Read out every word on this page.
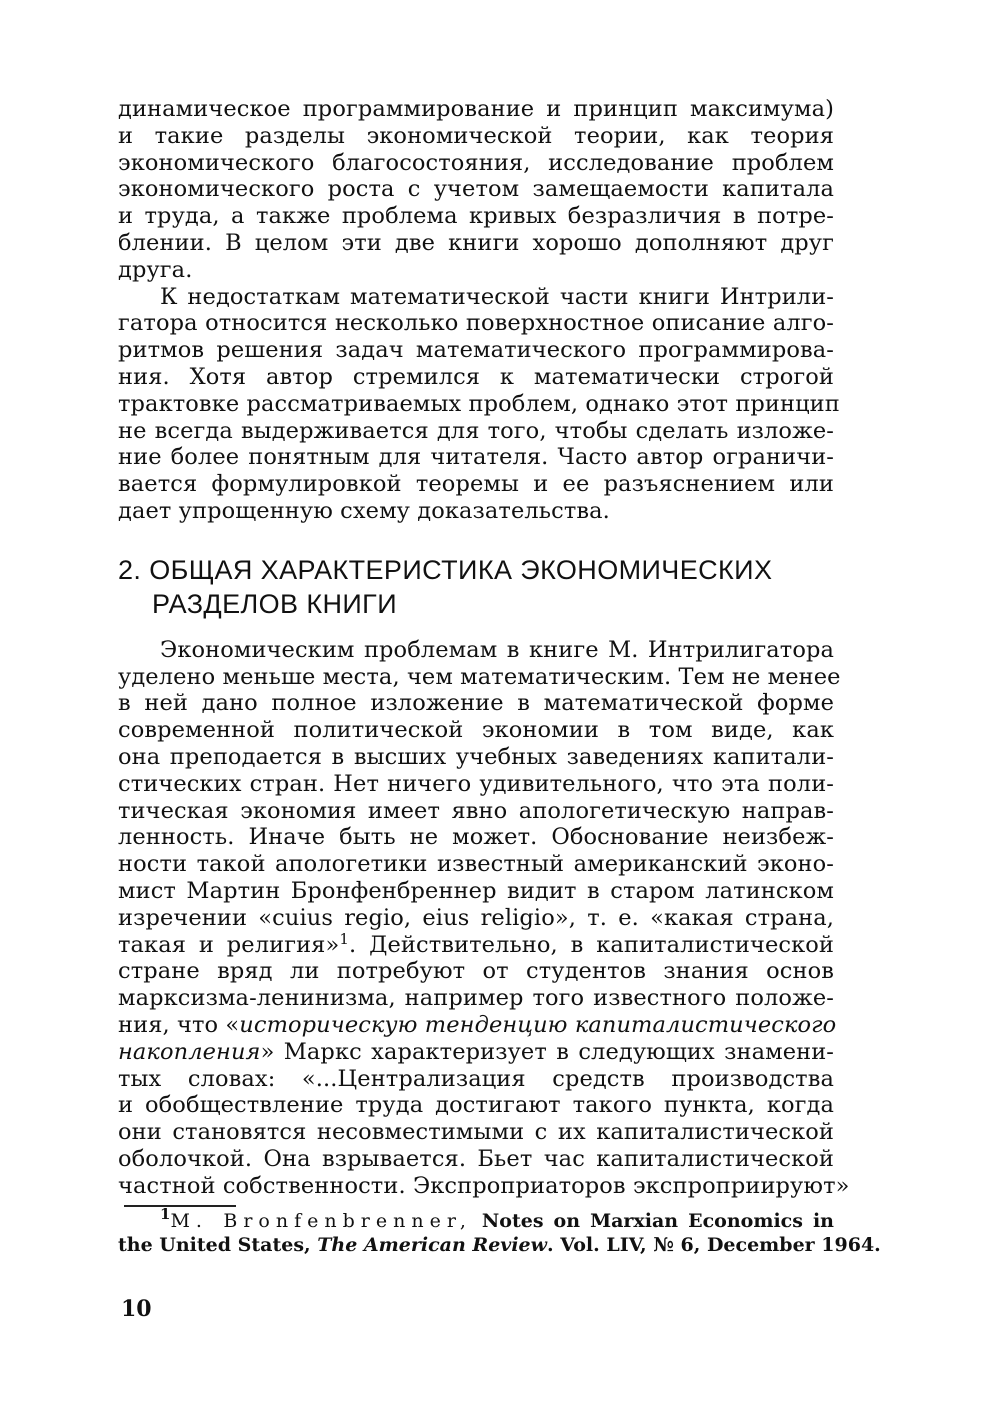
динамическое программирование и принцип максимума)
и такие разделы экономической теории, как теория
экономического благосостояния, исследование проблем
экономического роста с учетом замещаемости капитала
и труда, а также проблема кривых безразличия в потре-
блении. В целом эти две книги хорошо дополняют друг
друга.
К недостаткам математической части книги Интрили-
гатора относится несколько поверхностное описание алго-
ритмов решения задач математического программирова-
ния. Хотя автор стремился к математически строгой
трактовке рассматриваемых проблем, однако этот принцип
не всегда выдерживается для того, чтобы сделать изложе-
ние более понятным для читателя. Часто автор ограничи-
вается формулировкой теоремы и ее разъяснением или
дает упрощенную схему доказательства.
2. ОБЩАЯ ХАРАКТЕРИСТИКА ЭКОНОМИЧЕСКИХ
РАЗДЕЛОВ КНИГИ
Экономическим проблемам в книге М. Интрилигатора
уделено меньше места, чем математическим. Тем не менее
в ней дано полное изложение в математической форме
современной политической экономии в том виде, как
она преподается в высших учебных заведениях капитали-
стических стран. Нет ничего удивительного, что эта поли-
тическая экономия имеет явно апологетическую направ-
ленность. Иначе быть не может. Обоснование неизбеж-
ности такой апологетики известный американский эконо-
мист Мартин Бронфенбреннер видит в старом латинском
изречении «cuius regio, eius religio», т. е. «какая страна,
такая и религия»$^1$. Действительно, в капиталистической
стране вряд ли потребуют от студентов знания основ
марксизма-ленинизма, например того известного положе-
ния, что «историческую тенденцию капиталистического
накопления» Маркс характеризует в следующих знамени-
тых словах: «...Централизация средств производства
и обобществление труда достигают такого пункта, когда
они становятся несовместимыми с их капиталистической
оболочкой. Она взрывается. Бьет час капиталистической
частной собственности. Экспроприаторов экспроприируют»
$^1$M. Bronfenbrenner, Notes on Marxian Economics in
the United States, The American Review. Vol. LIV, № 6, December 1964.
10
